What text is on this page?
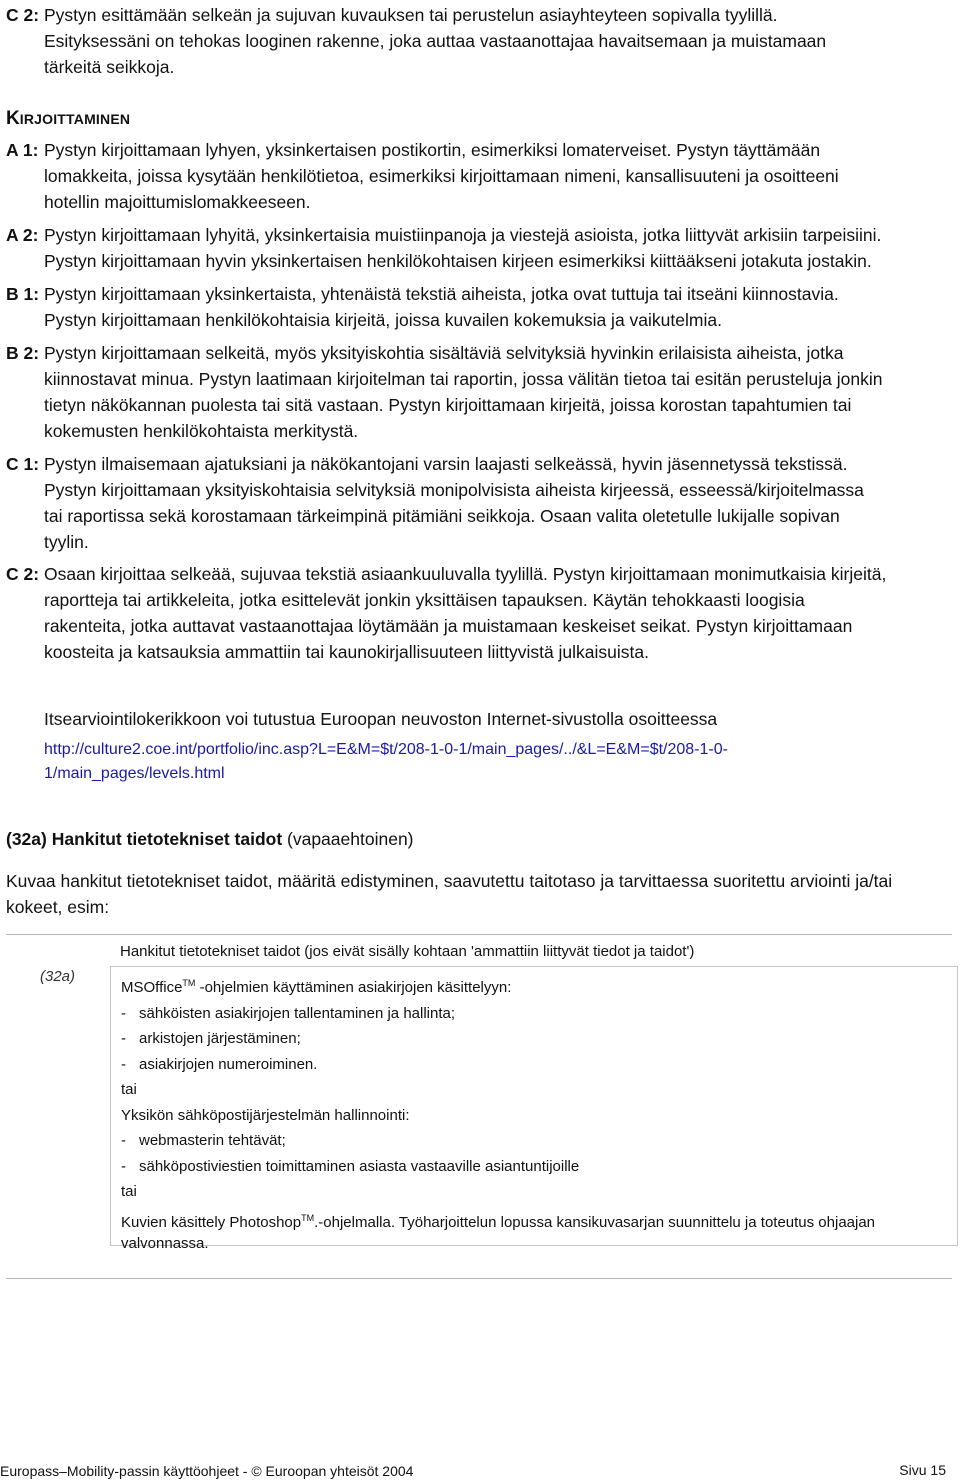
C 2: Pystyn esittämään selkeän ja sujuvan kuvauksen tai perustelun asiayhteyteen sopivalla tyylillä.

Esityksessäni on tehokas looginen rakenne, joka auttaa vastaanottajaa havaitsemaan ja muistamaan

tärkeitä seikkoja.

KIRJOITTAMINEN
A 1: Pystyn kirjoittamaan lyhyen, yksinkertaisen postikortin, esimerkiksi lomaterveiset. Pystyn täyttämään

lomakkeita, joissa kysytään henkilötietoa, esimerkiksi kirjoittamaan nimeni, kansallisuuteni ja osoitteeni

hotellin majoittumislomakkeeseen.

A 2: Pystyn kirjoittamaan lyhyitä, yksinkertaisia muistiinpanoja ja viestejä asioista, jotka liittyvät arkisiin tarpeisiini.

Pystyn kirjoittamaan hyvin yksinkertaisen henkilökohtaisen kirjeen esimerkiksi kiittääkseni jotakuta jostakin.

B 1: Pystyn kirjoittamaan yksinkertaista, yhtenäistä tekstiä aiheista, jotka ovat tuttuja tai itseäni kiinnostavia.

Pystyn kirjoittamaan henkilökohtaisia kirjeitä, joissa kuvailen kokemuksia ja vaikutelmia.

B 2: Pystyn kirjoittamaan selkeitä, myös yksityiskohtia sisältäviä selvityksiä hyvinkin erilaisista aiheista, jotka

kiinnostavat minua. Pystyn laatimaan kirjoitelman tai raportin, jossa välitän tietoa tai esitän perusteluja jonkin

tietyn näkökannan puolesta tai sitä vastaan. Pystyn kirjoittamaan kirjeitä, joissa korostan tapahtumien tai

kokemusten henkilökohtaista merkitystä.

C 1: Pystyn ilmaisemaan ajatuksiani ja näkökantojani varsin laajasti selkeässä, hyvin jäsennetyssä tekstissä.

Pystyn kirjoittamaan yksityiskohtaisia selvityksiä monipolvisista aiheista kirjeessä, esseessä/kirjoitelmassa

tai raportissa sekä korostamaan tärkeimpinä pitämiäni seikkoja. Osaan valita oletetulle lukijalle sopivan

tyylin.

C 2: Osaan kirjoittaa selkeää, sujuvaa tekstiä asiaankuuluvalla tyylillä. Pystyn kirjoittamaan monimutkaisia kirjeitä,

raportteja tai artikkeleita, jotka esittelevät jonkin yksittäisen tapauksen. Käytän tehokkaasti loogisia

rakenteita, jotka auttavat vastaanottajaa löytämään ja muistamaan keskeiset seikat. Pystyn kirjoittamaan

koosteita ja katsauksia ammattiin tai kaunokirjallisuuteen liittyvistä julkaisuista.

Itsearviointilokerikkoon voi tutustua Euroopan neuvoston Internet-sivustolla osoitteessa
http://culture2.coe.int/portfolio/inc.asp?L=E&M=$t/208-1-0-1/main_pages/../&L=E&M=$t/208-1-0-
1/main_pages/levels.html
(32a) Hankitut tietotekniset taidot (vapaaehtoinen)
Kuvaa hankitut tietotekniset taidot, määritä edistyminen, saavutettu taitotaso ja tarvittaessa suoritettu arviointi ja/tai kokeet, esim:
Hankitut tietotekniset taidot (jos eivät sisälly kohtaan 'ammattiin liittyvät tiedot ja taidot')
(32a)
MSOffice™ -ohjelmien käyttäminen asiakirjojen käsittelyyn:
- sähköisten asiakirjojen tallentaminen ja hallinta;
- arkistojen järjestäminen;
- asiakirjojen numeroiminen.
tai
Yksikön sähköpostijärjestelmän hallinnointi:
- webmasterin tehtävät;
- sähköpostiviestien toimittaminen asiasta vastaaville asiantuntijoille
tai
Kuvien käsittely Photoshop™.-ohjelmalla. Työharjoittelun lopussa kansikuvasarjan suunnittelu ja toteutus ohjaajan valvonnassa.
Europass–Mobility-passin käyttöohjeet - © Euroopan yhteisöt 2004	Sivu 15
